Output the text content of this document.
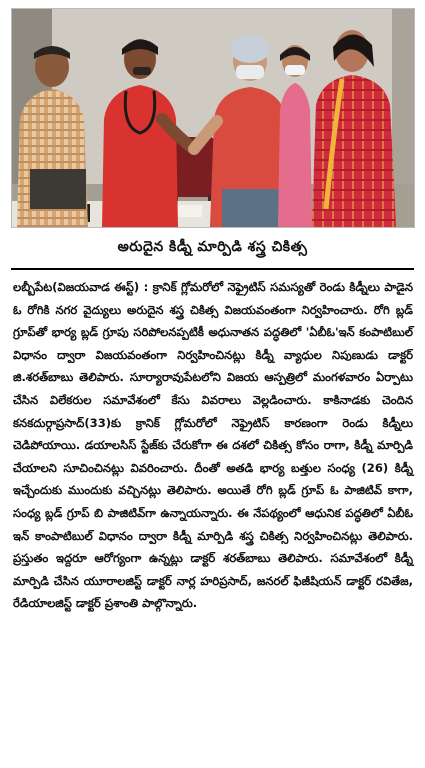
అరుదైన కిడ్నీ మార్పిడి శస్త్ర చికిత్స
లబ్బీపేట(విజయవాడ ఈస్ట్) : క్రానిక్ గ్లోమరోలో నెఫ్రైటిస్ సమస్యతో రెండు కిడ్నీలు పాడైన ఓ రోగికి నగర వైద్యులు అరుదైన శస్త్ర చికిత్స విజయవంతంగా నిర్వహించారు. రోగి బ్లడ్ గ్రూప్‌తో భార్య బ్లడ్ గ్రూపు సరిపోలనప్పటికీ అధునాతన పద్ధతిలో 'ఏబీఓ'ఇన్ కంపాటిబుల్ విధానం ద్వారా విజయవంతంగా నిర్వహించినట్లు కిడ్నీ వ్యాధుల నిపుణుడు డాక్టర్ జి.శరత్‌బాబు తెలిపారు. సూర్యారావుపేటలోని విజయ ఆస్పత్రిలో మంగళవారం ఏర్పాటు చేసిన విలేకరుల సమావేశంలో కేసు వివరాలు వెల్లడించారు. కాకినాడకు చెందిన కనకదుర్గాప్రసాద్(33)కు క్రానిక్ గ్లోమరోలో నెఫ్రైటిస్ కారణంగా రెండు కిడ్నీలు చెడిపోయాయి. డయాలసిస్ స్టేజ్‌కు చేరుకోగా ఈ దశలో చికిత్స కోసం రాగా, కిడ్నీ మార్పిడి చేయాలని సూచించినట్లు వివరించారు. దీంతో అతడి భార్య బత్తుల సంధ్య (26) కిడ్నీ ఇచ్చేందుకు ముందుకు వచ్చినట్లు తెలిపారు. అయితే రోగి బ్లడ్ గ్రూప్ ఓ పాజిటివ్ కాగా, సంధ్య బ్లడ్ గ్రూప్ బి పాజిటివ్‌గా ఉన్నాయన్నారు. ఈ నేపథ్యంలో ఆధునిక పద్ధతిలో ఏబీఓ ఇన్ కాంపాటిబుల్ విధానం ద్వారా కిడ్నీ మార్పిడి శస్త్ర చికిత్స నిర్వహించినట్లు తెలిపారు. ప్రస్తుతం ఇద్దరూ ఆరోగ్యంగా ఉన్నట్లు డాక్టర్ శరత్‌బాబు తెలిపారు. సమావేశంలో కిడ్నీ మార్పిడి చేసిన యూరాలజిస్ట్ డాక్టర్ నార్ల హరిప్రసాద్, జనరల్ ఫిజీషియన్ డాక్టర్ రవితేజ, రేడియాలజిస్ట్ డాక్టర్ ప్రశాంతి పాల్గొన్నారు.
